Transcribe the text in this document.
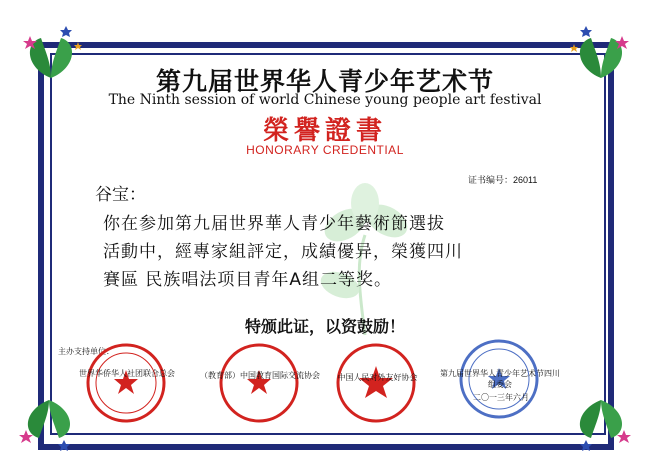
第九届世界华人青少年艺术节
The Ninth session of world Chinese young people art festival
榮譽證書
HONORARY CREDENTIAL
证书编号：26011
谷宝：
你在参加第九届世界華人青少年藝術節選拔
活動中，經專家組評定，成績優异，榮獲四川
賽區 民族唱法项目青年A组二等奖。
特颁此证，以资鼓励！
主办支持单位：
世界华侨华人社团联合总会	（教育部）中国教育国际交流协会	中国人民对外友好协会	第九届世界华人青少年艺术节四川组委会
二〇一三年六月
